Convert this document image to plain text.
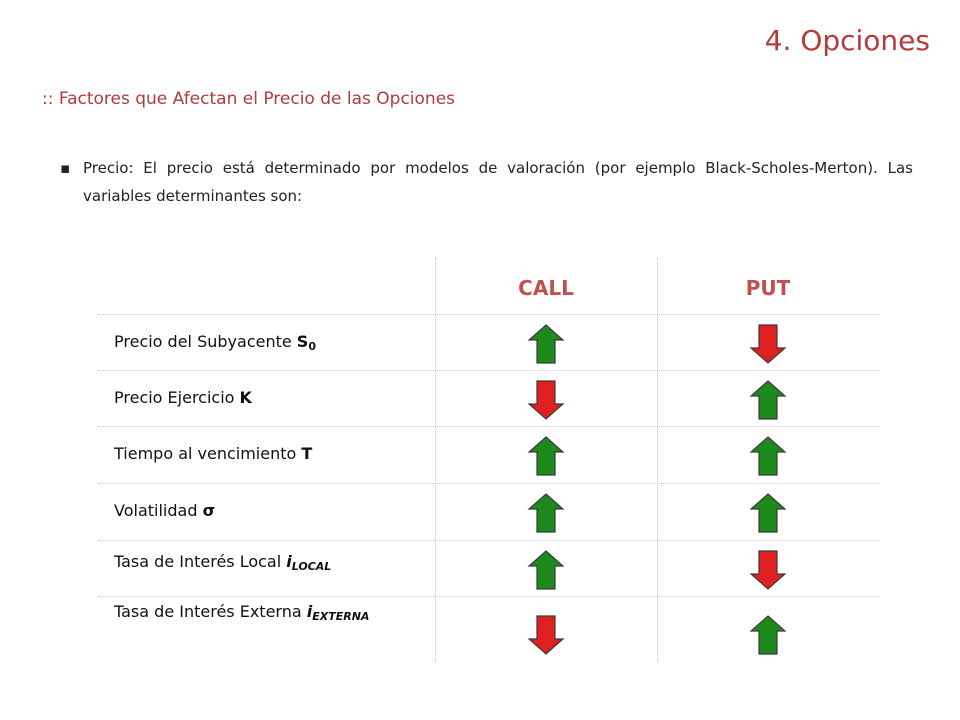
4. Opciones
:: Factores que Afectan el Precio de las Opciones
▪ Precio: El precio está determinado por modelos de valoración (por ejemplo Black-Scholes-Merton). Las variables determinantes son:
CALL	PUT
Precio del Subyacente $S_0$
Precio Ejercicio K
Tiempo al vencimiento T
Volatilidad σ
Tasa de Interés Local $i_{LOCAL}$
Tasa de Interés Externa $i_{EXTERNA}$
